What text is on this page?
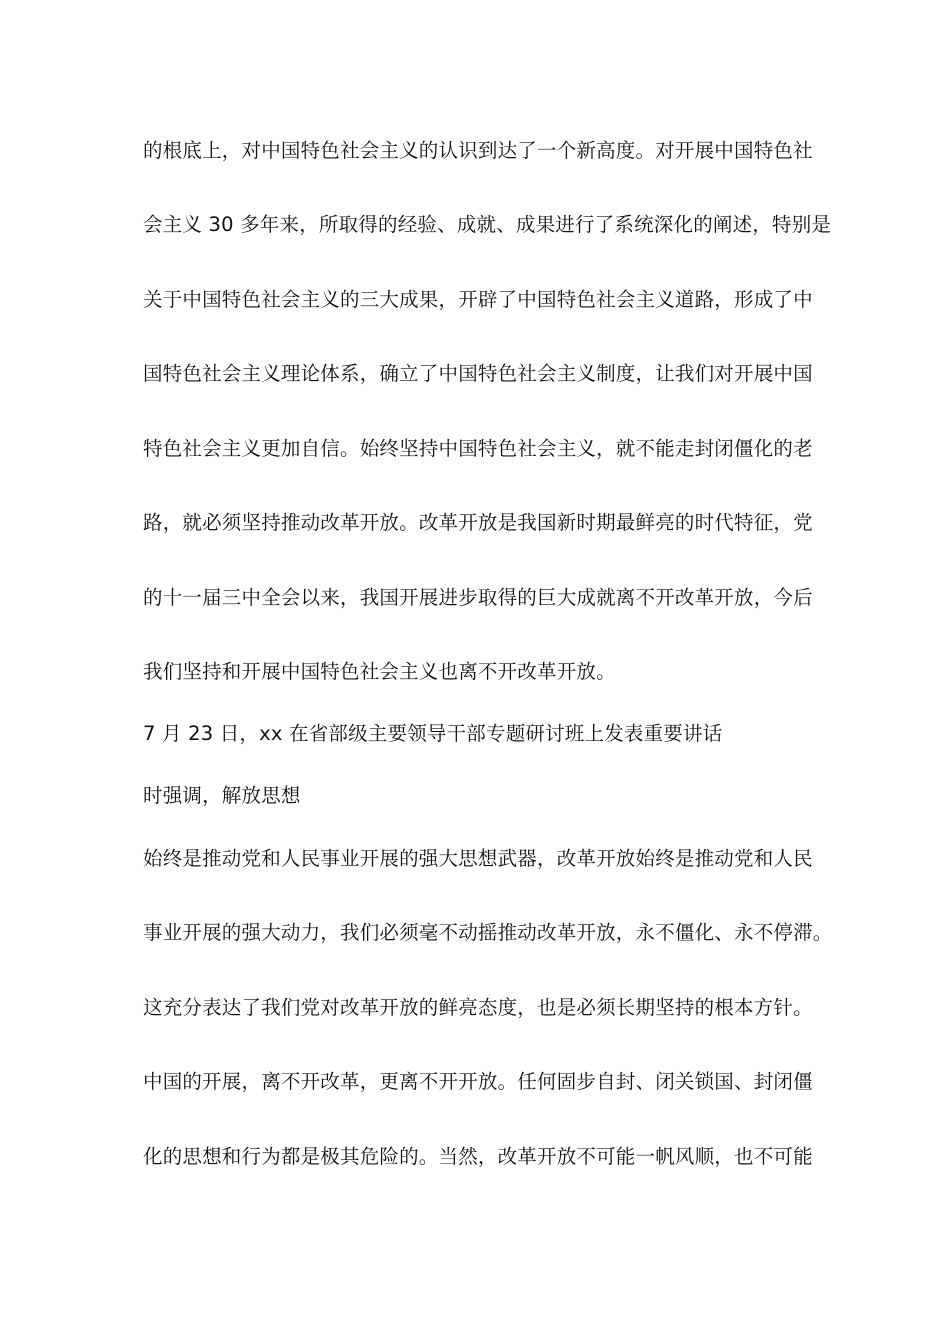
的根底上，对中国特色社会主义的认识到达了一个新高度。对开展中国特色社
会主义 30 多年来，所取得的经验、成就、成果进行了系统深化的阐述，特别是
关于中国特色社会主义的三大成果，开辟了中国特色社会主义道路，形成了中
国特色社会主义理论体系，确立了中国特色社会主义制度，让我们对开展中国
特色社会主义更加自信。始终坚持中国特色社会主义，就不能走封闭僵化的老
路，就必须坚持推动改革开放。改革开放是我国新时期最鲜亮的时代特征，党
的十一届三中全会以来，我国开展进步取得的巨大成就离不开改革开放，今后
我们坚持和开展中国特色社会主义也离不开改革开放。
7 月 23 日，xx 在省部级主要领导干部专题研讨班上发表重要讲话
时强调，解放思想
始终是推动党和人民事业开展的强大思想武器，改革开放始终是推动党和人民
事业开展的强大动力，我们必须毫不动摇推动改革开放，永不僵化、永不停滞。
这充分表达了我们党对改革开放的鲜亮态度，也是必须长期坚持的根本方针。
中国的开展，离不开改革，更离不开开放。任何固步自封、闭关锁国、封闭僵
化的思想和行为都是极其危险的。当然，改革开放不可能一帆风顺，也不可能
